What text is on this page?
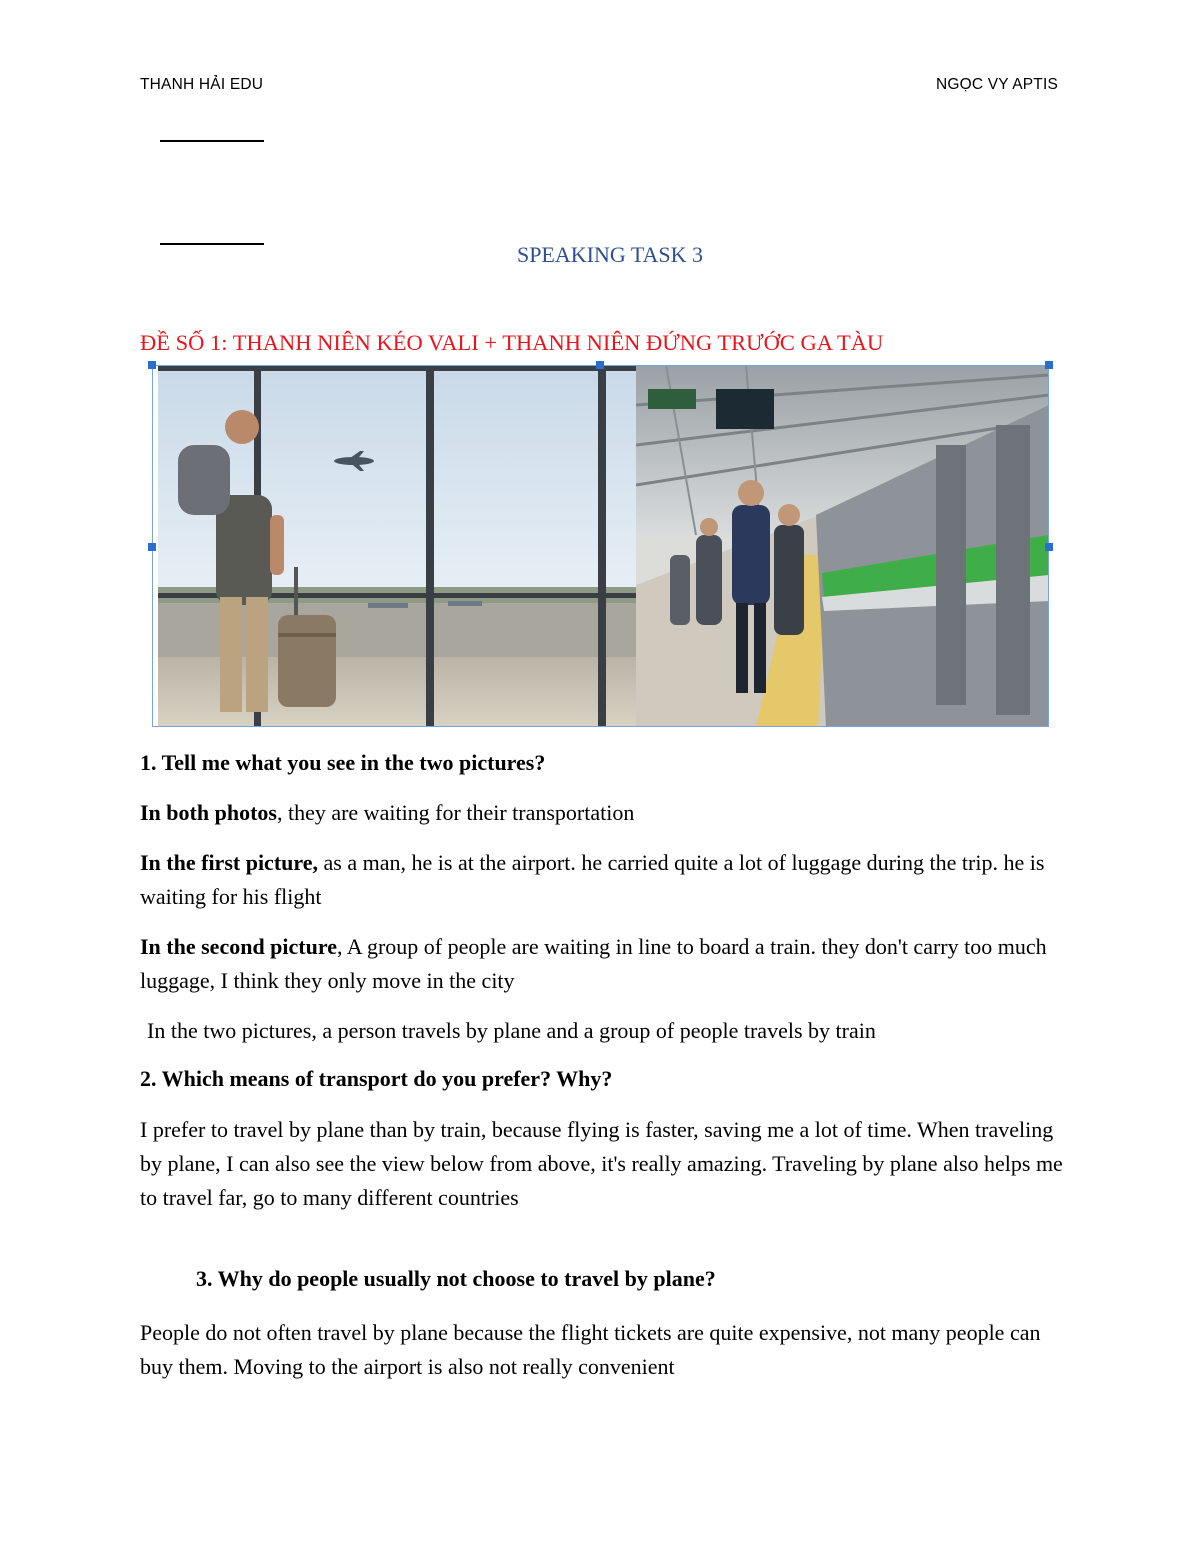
THANH HẢI EDU	NGỌC VY APTIS
SPEAKING TASK 3
ĐỀ SỐ 1: THANH NIÊN KÉO VALI + THANH NIÊN ĐỨNG TRƯỚC GA TÀU
1. Tell me what you see in the two pictures?
In both photos, they are waiting for their transportation
In the first picture, as a man, he is at the airport. he carried quite a lot of luggage during the trip. he is waiting for his flight
In the second picture, A group of people are waiting in line to board a train. they don't carry too much luggage, I think they only move in the city
In the two pictures, a person travels by plane and a group of people travels by train
2. Which means of transport do you prefer? Why?
I prefer to travel by plane than by train, because flying is faster, saving me a lot of time. When traveling by plane, I can also see the view below from above, it's really amazing. Traveling by plane also helps me to travel far, go to many different countries
3. Why do people usually not choose to travel by plane?
People do not often travel by plane because the flight tickets are quite expensive, not many people can buy them. Moving to the airport is also not really convenient
